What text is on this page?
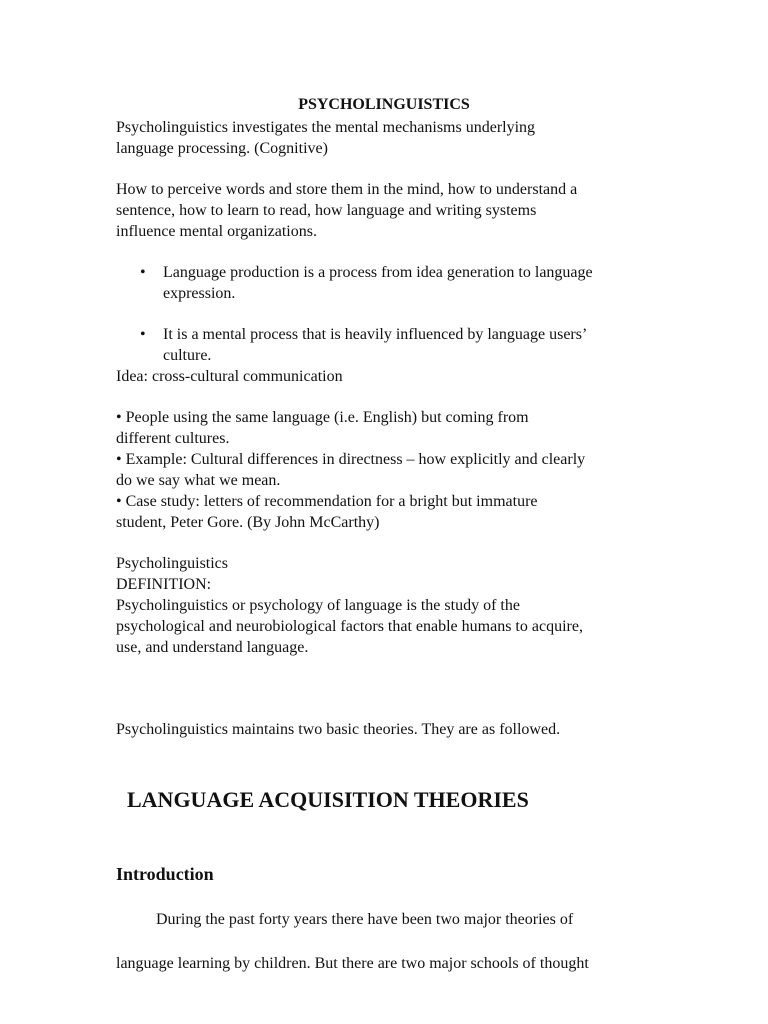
PSYCHOLINGUISTICS
Psycholinguistics investigates the mental mechanisms underlying
language processing. (Cognitive)
How to perceive words and store them in the mind, how to understand a
sentence, how to learn to read, how language and writing systems
influence mental organizations.
• Language production is a process from idea generation to language
expression.
• It is a mental process that is heavily influenced by language users’
culture.
Idea: cross-cultural communication
• People using the same language (i.e. English) but coming from
different cultures.
• Example: Cultural differences in directness – how explicitly and clearly
do we say what we mean.
• Case study: letters of recommendation for a bright but immature
student, Peter Gore. (By John McCarthy)
Psycholinguistics
DEFINITION:
Psycholinguistics or psychology of language is the study of the
psychological and neurobiological factors that enable humans to acquire,
use, and understand language.
Psycholinguistics maintains two basic theories. They are as followed.
LANGUAGE ACQUISITION THEORIES
Introduction
During the past forty years there have been two major theories of
language learning by children. But there are two major schools of thought
